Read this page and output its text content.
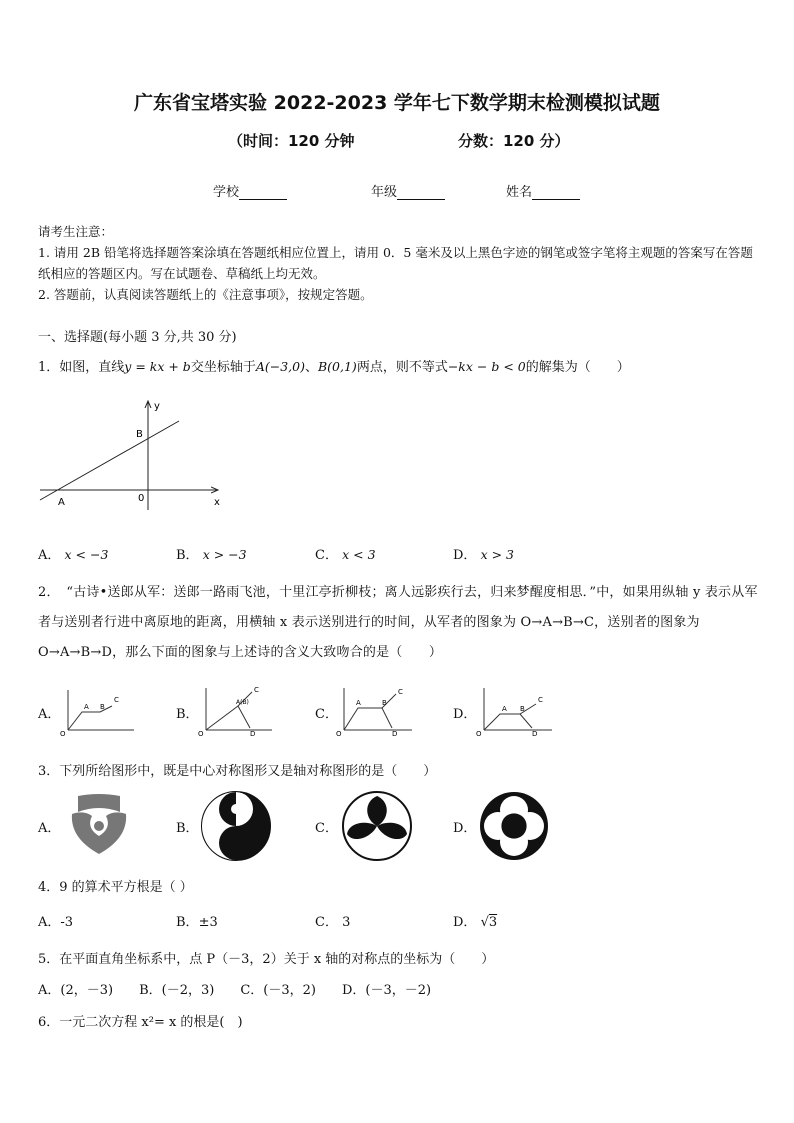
广东省宝塔实验 2022-2023 学年七下数学期末检测模拟试题
（时间：120 分钟	分数：120 分）
学校	年级	姓名
请考生注意：
1. 请用 2B 铅笔将选择题答案涂填在答题纸相应位置上，请用 0．5 毫米及以上黑色字迹的钢笔或签字笔将主观题的答案写在答题纸相应的答题区内。写在试题卷、草稿纸上均无效。
2. 答题前，认真阅读答题纸上的《注意事项》，按规定答题。
一、选择题(每小题 3 分,共 30 分)
1．如图，直线y = kx + b交坐标轴于A(−3,0)、B(0,1)两点，则不等式−kx − b < 0的解集为（　　）
y
x
B
A	0
A． x < −3	B． x > −3	C． x < 3	D． x > 3
2．　“古诗•送郎从军：送郎一路雨飞池，十里江亭折柳枝；离人远影疾行去，归来梦醒度相思．”中，如果用纵轴 y 表示从军者与送别者行进中离原地的距离，用横轴 x 表示送别进行的时间，从军者的图象为 O→A→B→C，送别者的图象为 O→A→B→D，那么下面的图象与上述诗的含义大致吻合的是（　　）
A．
O
A B
C
B．
O
A(B)
C
D
C．
O
A	B
C
D
D．
O
A B
C
D
3．下列所给图形中，既是中心对称图形又是轴对称图形的是（　　）
A．	B．	C．	D．
4．9 的算术平方根是（ ）
A．-3	B．±3	C． 3	D． √3
5．在平面直角坐标系中，点 P（－3，2）关于 x 轴的对称点的坐标为（　　）
A．(2，－3)　　B．(－2，3)　　C．(－3，2)　　D．(－3，－2)
6．一元二次方程 x²= x 的根是(　)
